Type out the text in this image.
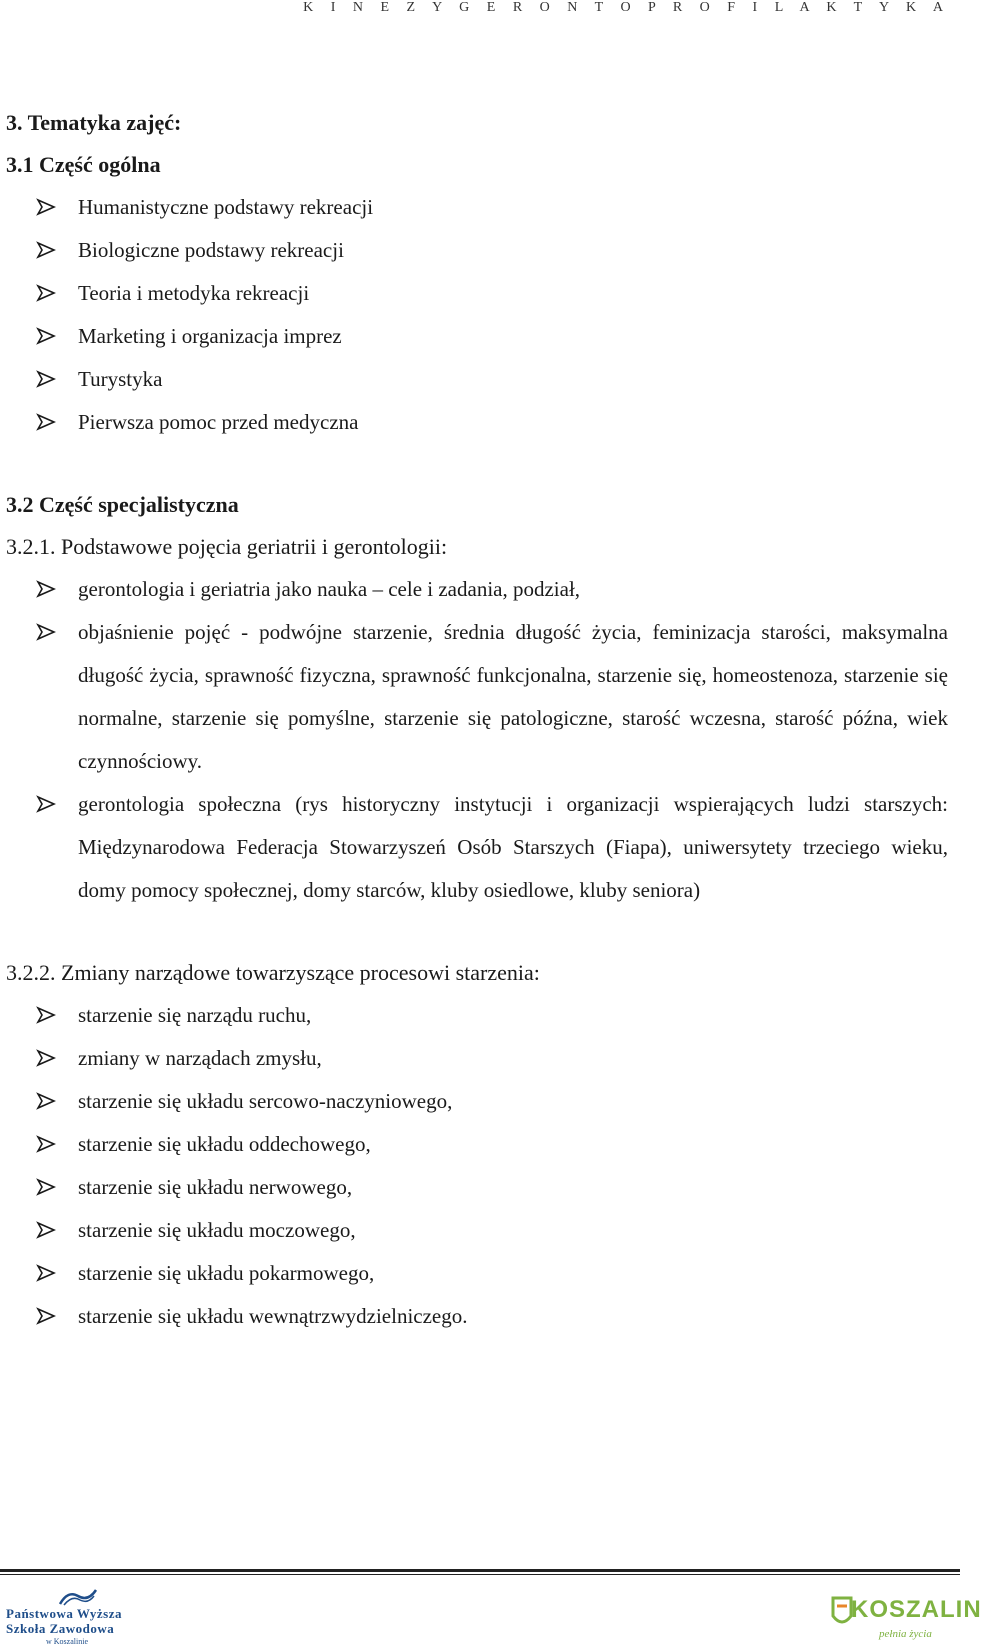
K I N E Z Y G E R O N T O P R O F I L A K T Y K A
3. Tematyka zajęć:
3.1 Część ogólna
Humanistyczne podstawy rekreacji
Biologiczne podstawy rekreacji
Teoria i metodyka rekreacji
Marketing i organizacja imprez
Turystyka
Pierwsza pomoc przed medyczna
3.2 Część specjalistyczna
3.2.1. Podstawowe pojęcia geriatrii i gerontologii:
gerontologia i geriatria jako nauka – cele i zadania, podział,
objaśnienie pojęć - podwójne starzenie, średnia długość życia, feminizacja starości, maksymalna długość życia, sprawność fizyczna, sprawność funkcjonalna, starzenie się, homeostenoza, starzenie się normalne, starzenie się pomyślne, starzenie się patologiczne, starość wczesna, starość późna, wiek czynnościowy.
gerontologia społeczna (rys historyczny instytucji i organizacji wspierających ludzi starszych: Międzynarodowa Federacja Stowarzyszeń Osób Starszych (Fiapa), uniwersytety trzeciego wieku, domy pomocy społecznej, domy starców, kluby osiedlowe, kluby seniora)
3.2.2. Zmiany narządowe towarzyszące procesowi starzenia:
starzenie się narządu ruchu,
zmiany w narządach zmysłu,
starzenie się układu sercowo-naczyniowego,
starzenie się układu oddechowego,
starzenie się układu nerwowego,
starzenie się układu moczowego,
starzenie się układu pokarmowego,
starzenie się układu wewnątrzwydzielniczego.
Państwowa Wyższa
Szkoła Zawodowa
w Koszalinie
KOSZALIN
pełnia życia
